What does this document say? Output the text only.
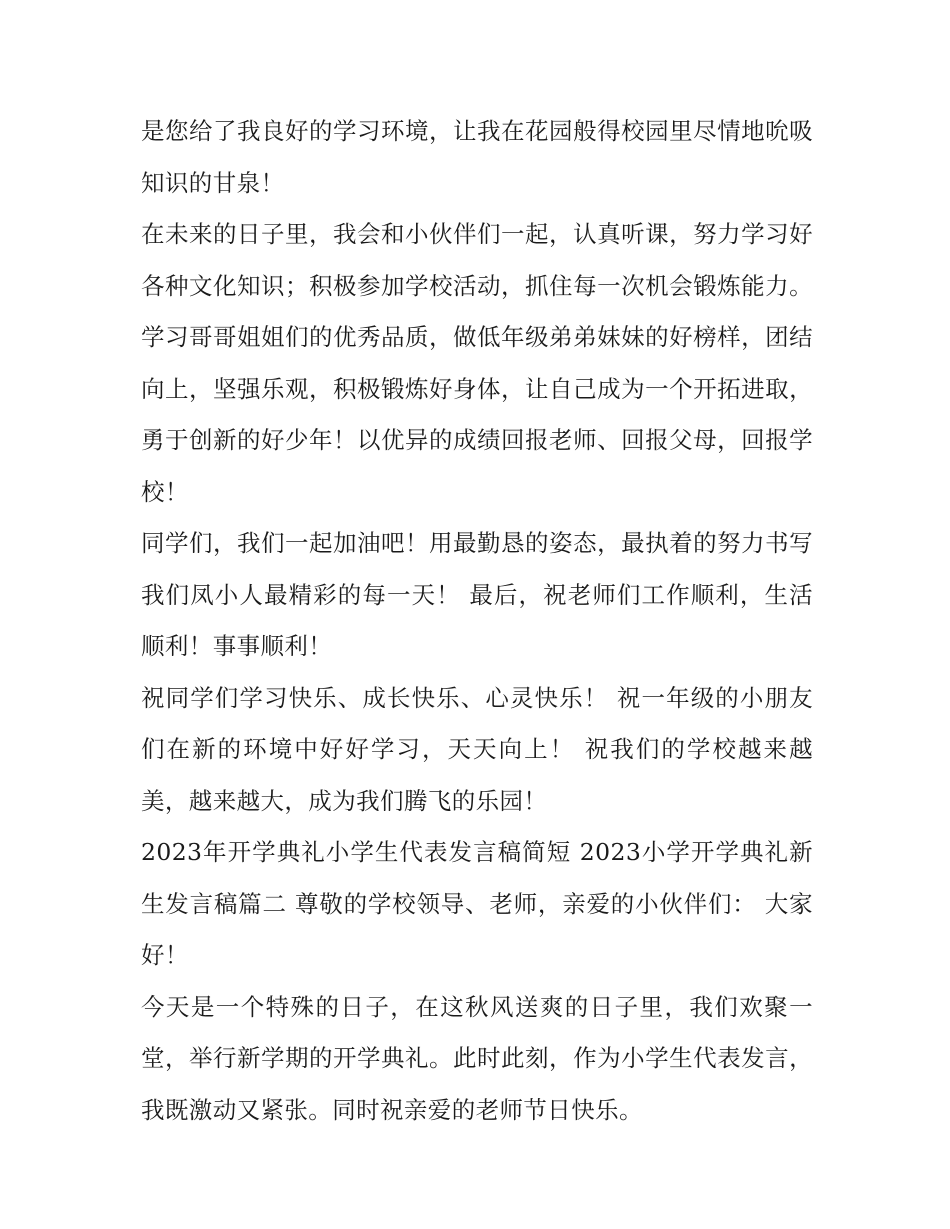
是您给了我良好的学习环境，让我在花园般得校园里尽情地吮吸知识的甘泉！

在未来的日子里，我会和小伙伴们一起，认真听课，努力学习好各种文化知识；积极参加学校活动，抓住每一次机会锻炼能力。学习哥哥姐姐们的优秀品质，做低年级弟弟妹妹的好榜样，团结向上，坚强乐观，积极锻炼好身体，让自己成为一个开拓进取，勇于创新的好少年！以优异的成绩回报老师、回报父母，回报学校！

同学们，我们一起加油吧！用最勤恳的姿态，最执着的努力书写我们凤小人最精彩的每一天！ 最后，祝老师们工作顺利，生活顺利！事事顺利！

祝同学们学习快乐、成长快乐、心灵快乐！ 祝一年级的小朋友们在新的环境中好好学习，天天向上！ 祝我们的学校越来越美，越来越大，成为我们腾飞的乐园！

2023年开学典礼小学生代表发言稿简短 2023小学开学典礼新生发言稿篇二 尊敬的学校领导、老师，亲爱的小伙伴们： 大家好！

今天是一个特殊的日子，在这秋风送爽的日子里，我们欢聚一堂，举行新学期的开学典礼。此时此刻，作为小学生代表发言，我既激动又紧张。同时祝亲爱的老师节日快乐。
